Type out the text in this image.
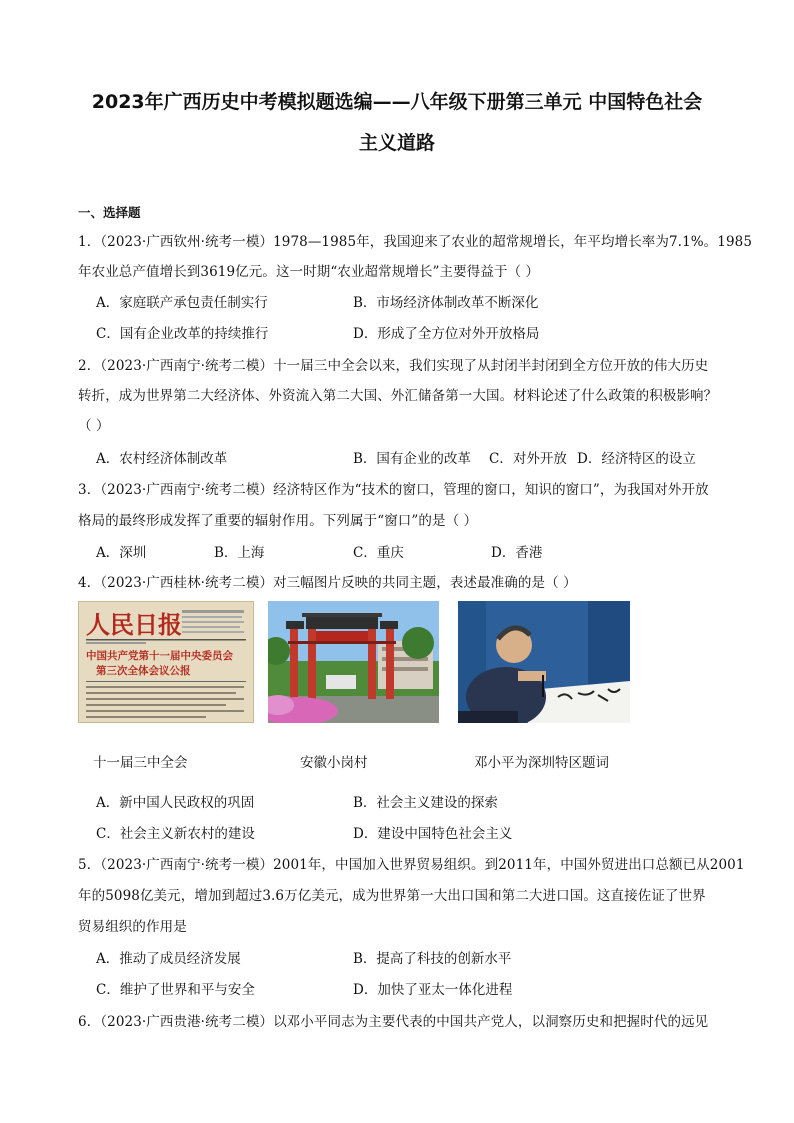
2023年广西历史中考模拟题选编——八年级下册第三单元 中国特色社会
主义道路
一、选择题
1．（2023·广西钦州·统考一模）1978—1985年，我国迎来了农业的超常规增长，年平均增长率为7.1%。1985
年农业总产值增长到3619亿元。这一时期“农业超常规增长”主要得益于（ ）
A．家庭联产承包责任制实行	B．市场经济体制改革不断深化
C．国有企业改革的持续推行	D．形成了全方位对外开放格局
2．（2023·广西南宁·统考二模）十一届三中全会以来，我们实现了从封闭半封闭到全方位开放的伟大历史
转折，成为世界第二大经济体、外资流入第二大国、外汇储备第一大国。材料论述了什么政策的积极影响？
（ ）
A．农村经济体制改革	B．国有企业的改革 C．对外开放 D．经济特区的设立
3．（2023·广西南宁·统考二模）经济特区作为“技术的窗口，管理的窗口，知识的窗口”，为我国对外开放
格局的最终形成发挥了重要的辐射作用。下列属于“窗口”的是（ ）
A．深圳	B．上海	C．重庆	D．香港
4．（2023·广西桂林·统考二模）对三幅图片反映的共同主题，表述最准确的是（ ）
人民日报
中国共产党第十一届中央委员会
第三次全体会议公报
十一届三中全会	安徽小岗村	邓小平为深圳特区题词
A．新中国人民政权的巩固	B．社会主义建设的探索
C．社会主义新农村的建设	D．建设中国特色社会主义
5．（2023·广西南宁·统考一模）2001年，中国加入世界贸易组织。到2011年，中国外贸进出口总额已从2001
年的5098亿美元，增加到超过3.6万亿美元，成为世界第一大出口国和第二大进口国。这直接佐证了世界
贸易组织的作用是
A．推动了成员经济发展	B．提高了科技的创新水平
C．维护了世界和平与安全	D．加快了亚太一体化进程
6．（2023·广西贵港·统考二模）以邓小平同志为主要代表的中国共产党人，以洞察历史和把握时代的远见
